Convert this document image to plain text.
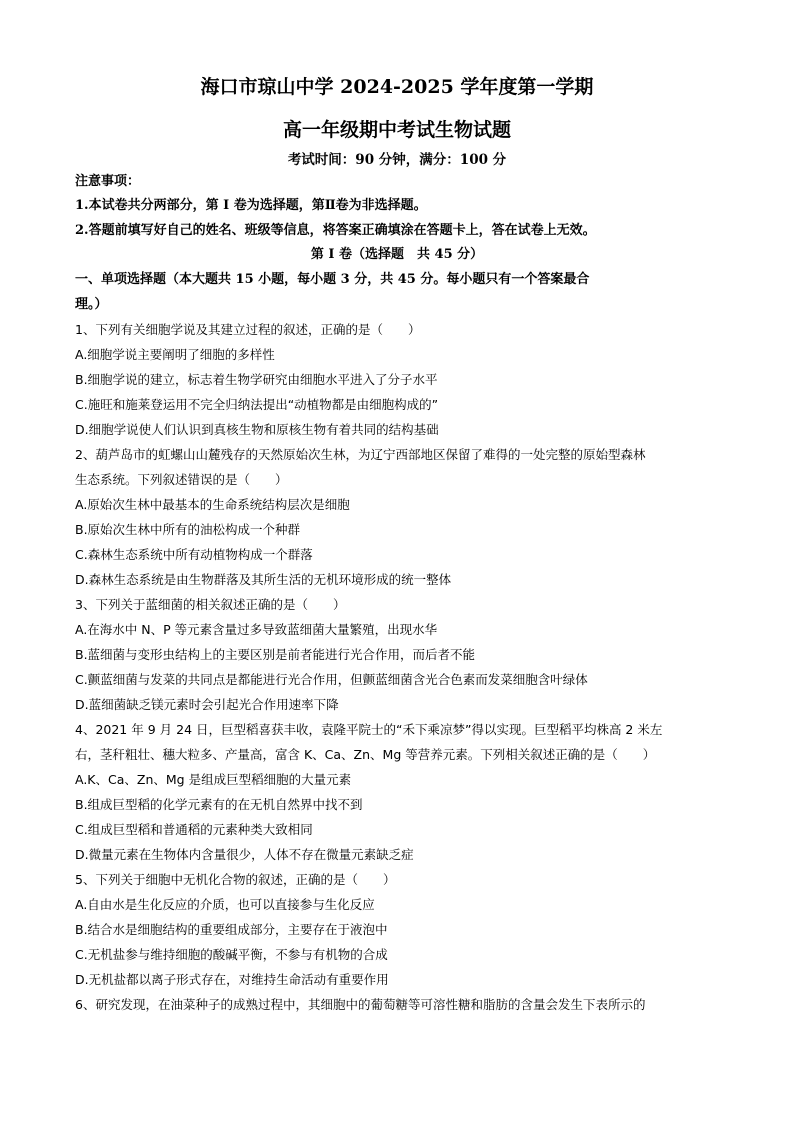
海口市琼山中学 2024-2025 学年度第一学期
高一年级期中考试生物试题
考试时间：90 分钟，满分：100 分
注意事项：
1.本试卷共分两部分，第 Ⅰ 卷为选择题，第Ⅱ卷为非选择题。
2.答题前填写好自己的姓名、班级等信息，将答案正确填涂在答题卡上，答在试卷上无效。
第 Ⅰ 卷（选择题　共 45 分）
一、单项选择题（本大题共 15 小题，每小题 3 分，共 45 分。每小题只有一个答案最合
理。）
1、下列有关细胞学说及其建立过程的叙述，正确的是（　　）
A.细胞学说主要阐明了细胞的多样性
B.细胞学说的建立，标志着生物学研究由细胞水平进入了分子水平
C.施旺和施莱登运用不完全归纳法提出“动植物都是由细胞构成的”
D.细胞学说使人们认识到真核生物和原核生物有着共同的结构基础
2、葫芦岛市的虹螺山山麓残存的天然原始次生林，为辽宁西部地区保留了难得的一处完整的原始型森林
生态系统。下列叙述错误的是（　　）
A.原始次生林中最基本的生命系统结构层次是细胞
B.原始次生林中所有的油松构成一个种群
C.森林生态系统中所有动植物构成一个群落
D.森林生态系统是由生物群落及其所生活的无机环境形成的统一整体
3、下列关于蓝细菌的相关叙述正确的是（　　）
A.在海水中 N、P 等元素含量过多导致蓝细菌大量繁殖，出现水华
B.蓝细菌与变形虫结构上的主要区别是前者能进行光合作用，而后者不能
C.颤蓝细菌与发菜的共同点是都能进行光合作用，但颤蓝细菌含光合色素而发菜细胞含叶绿体
D.蓝细菌缺乏镁元素时会引起光合作用速率下降
4、2021 年 9 月 24 日，巨型稻喜获丰收，袁隆平院士的“禾下乘凉梦”得以实现。巨型稻平均株高 2 米左
右，茎秆粗壮、穗大粒多、产量高，富含 K、Ca、Zn、Mg 等营养元素。下列相关叙述正确的是（　　）
A.K、Ca、Zn、Mg 是组成巨型稻细胞的大量元素
B.组成巨型稻的化学元素有的在无机自然界中找不到
C.组成巨型稻和普通稻的元素种类大致相同
D.微量元素在生物体内含量很少，人体不存在微量元素缺乏症
5、下列关于细胞中无机化合物的叙述，正确的是（　　）
A.自由水是生化反应的介质，也可以直接参与生化反应
B.结合水是细胞结构的重要组成部分，主要存在于液泡中
C.无机盐参与维持细胞的酸碱平衡，不参与有机物的合成
D.无机盐都以离子形式存在，对维持生命活动有重要作用
6、研究发现，在油菜种子的成熟过程中，其细胞中的葡萄糖等可溶性糖和脂肪的含量会发生下表所示的
